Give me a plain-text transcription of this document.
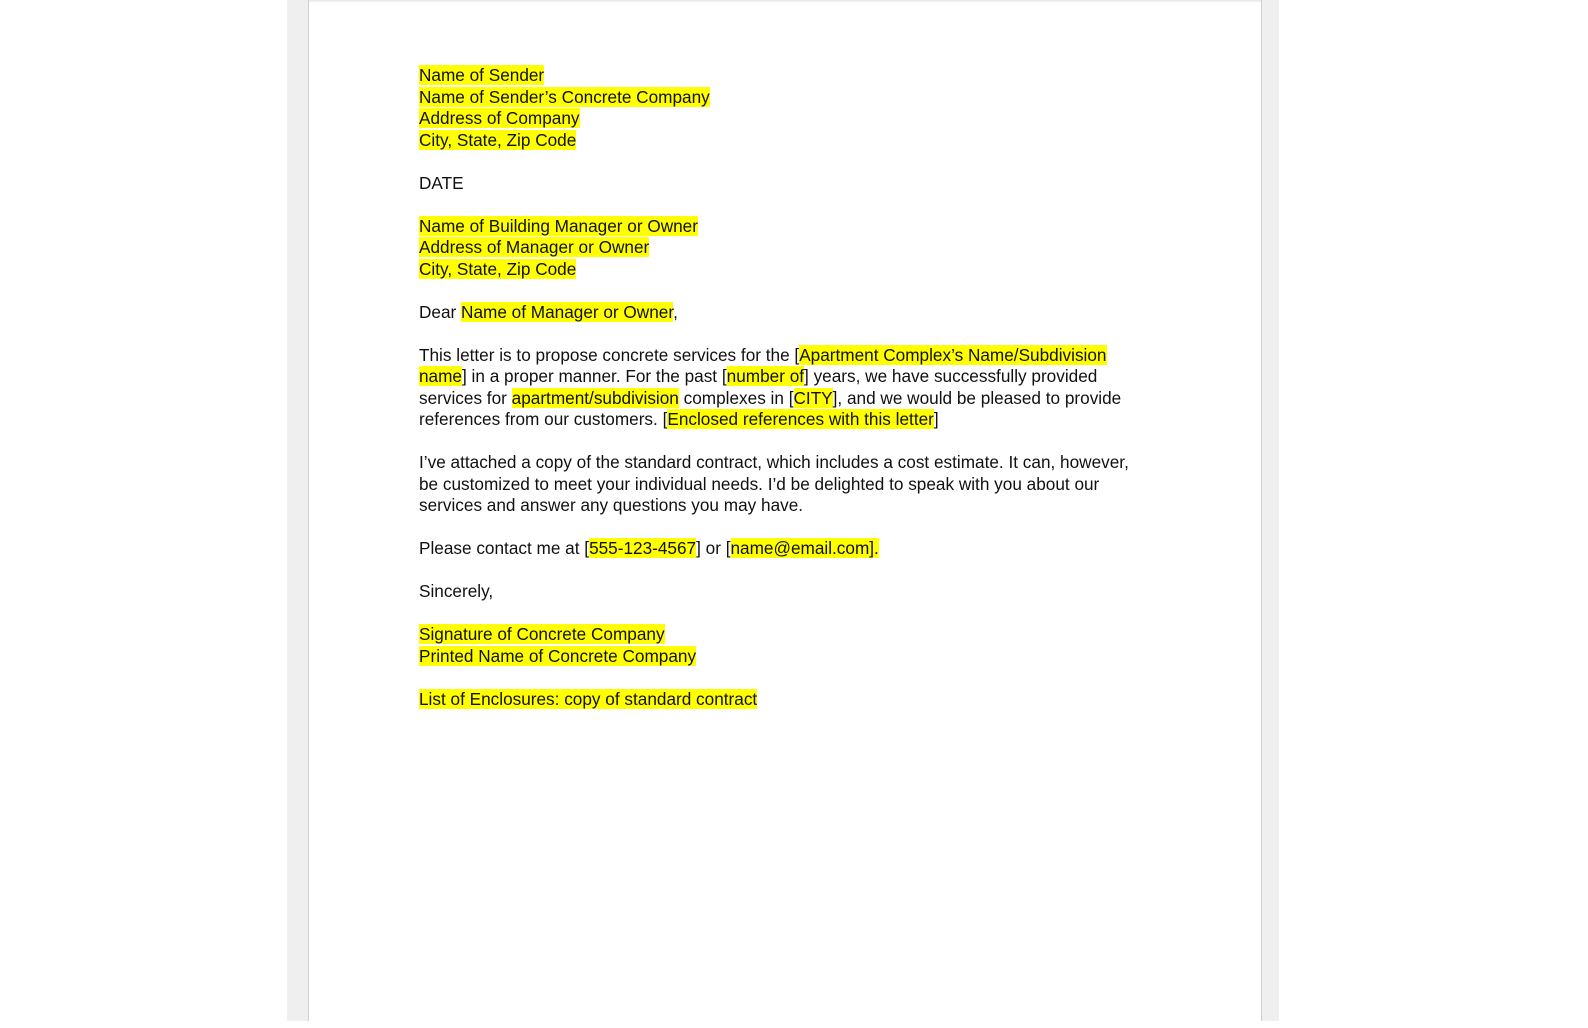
Name of Sender
Name of Sender’s Concrete Company
Address of Company
City, State, Zip Code
DATE
Name of Building Manager or Owner
Address of Manager or Owner
City, State, Zip Code
Dear Name of Manager or Owner,
This letter is to propose concrete services for the [Apartment Complex’s Name/Subdivision name] in a proper manner. For the past [number of] years, we have successfully provided services for apartment/subdivision complexes in [CITY], and we would be pleased to provide references from our customers. [Enclosed references with this letter]
I’ve attached a copy of the standard contract, which includes a cost estimate. It can, however, be customized to meet your individual needs. I’d be delighted to speak with you about our services and answer any questions you may have.
Please contact me at [555-123-4567] or [name@email.com].
Sincerely,
Signature of Concrete Company
Printed Name of Concrete Company
List of Enclosures: copy of standard contract
